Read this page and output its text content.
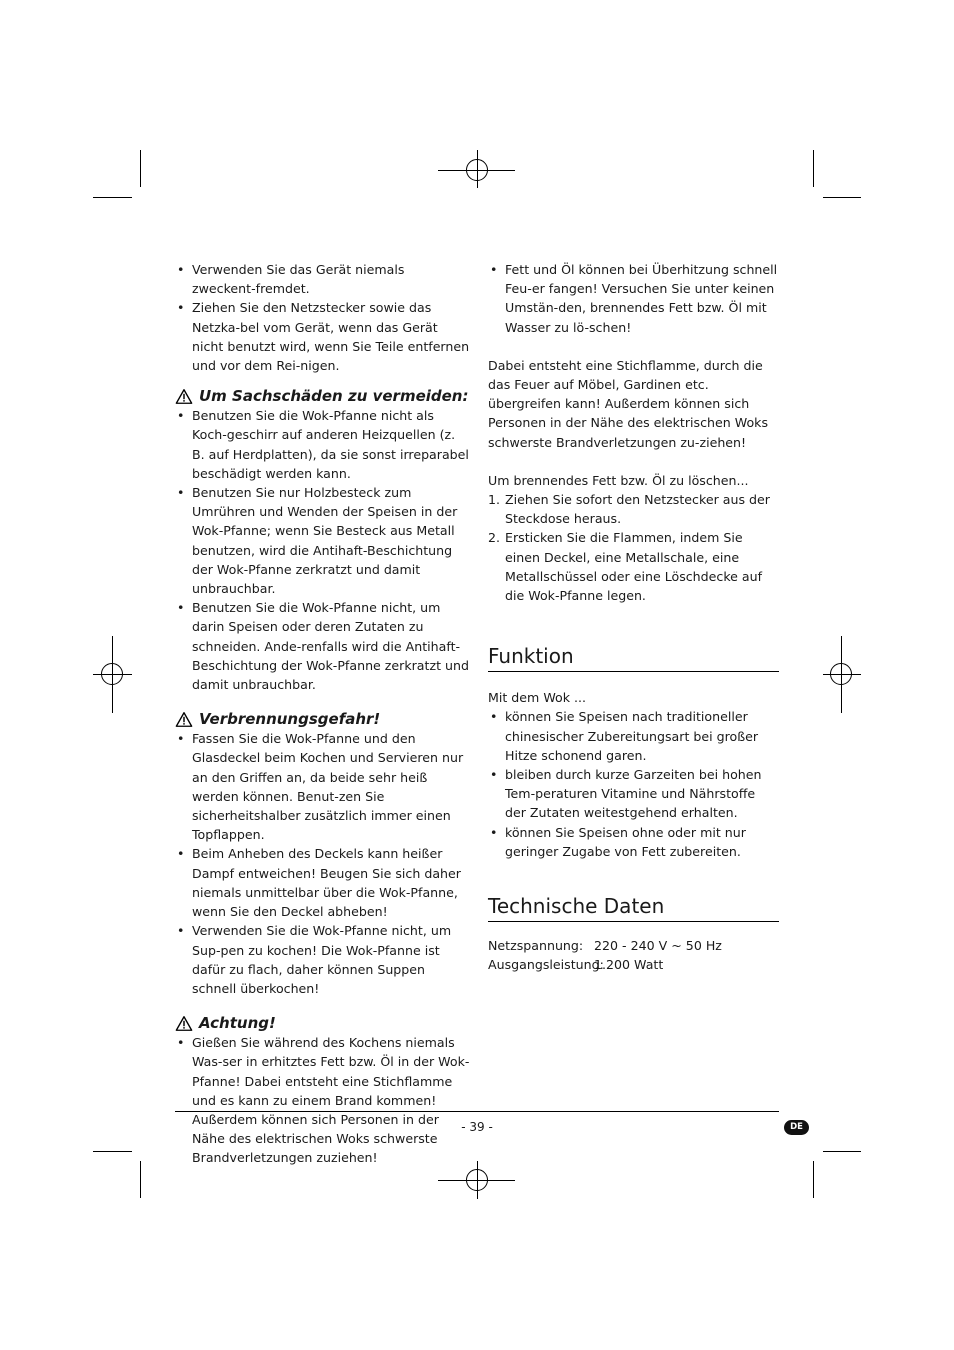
• Verwenden Sie das Gerät niemals zweckent-fremdet.
• Ziehen Sie den Netzstecker sowie das Netzka-bel vom Gerät, wenn das Gerät nicht benutzt wird, wenn Sie Teile entfernen und vor dem Rei-nigen.
Um Sachschäden zu vermeiden:
• Benutzen Sie die Wok-Pfanne nicht als Koch-geschirr auf anderen Heizquellen (z. B. auf Herdplatten), da sie sonst irreparabel beschädigt werden kann.
• Benutzen Sie nur Holzbesteck zum Umrühren und Wenden der Speisen in der Wok-Pfanne; wenn Sie Besteck aus Metall benutzen, wird die Antihaft-Beschichtung der Wok-Pfanne zerkratzt und damit unbrauchbar.
• Benutzen Sie die Wok-Pfanne nicht, um darin Speisen oder deren Zutaten zu schneiden. Ande-renfalls wird die Antihaft-Beschichtung der Wok-Pfanne zerkratzt und damit unbrauchbar.
Verbrennungsgefahr!
• Fassen Sie die Wok-Pfanne und den Glasdeckel beim Kochen und Servieren nur an den Griffen an, da beide sehr heiß werden können. Benut-zen Sie sicherheitshalber zusätzlich immer einen Topflappen.
• Beim Anheben des Deckels kann heißer Dampf entweichen! Beugen Sie sich daher niemals unmittelbar über die Wok-Pfanne, wenn Sie den Deckel abheben!
• Verwenden Sie die Wok-Pfanne nicht, um Sup-pen zu kochen! Die Wok-Pfanne ist dafür zu flach, daher können Suppen schnell überkochen!
Achtung!
• Gießen Sie während des Kochens niemals Was-ser in erhitztes Fett bzw. Öl in der Wok-Pfanne! Dabei entsteht eine Stichflamme und es kann zu einem Brand kommen! Außerdem können sich Personen in der Nähe des elektrischen Woks schwerste Brandverletzungen zuziehen!
• Fett und Öl können bei Überhitzung schnell Feu-er fangen! Versuchen Sie unter keinen Umstän-den, brennendes Fett bzw. Öl mit Wasser zu lö-schen!

Dabei entsteht eine Stichflamme, durch die das Feuer auf Möbel, Gardinen etc. übergreifen kann! Außerdem können sich Personen in der Nähe des elektrischen Woks schwerste Brandverletzungen zu-ziehen!

Um brennendes Fett bzw. Öl zu löschen...

1. Ziehen Sie sofort den Netzstecker aus der Steckdose heraus.
2. Ersticken Sie die Flammen, indem Sie einen Deckel, eine Metallschale, eine Metallschüssel oder eine Löschdecke auf die Wok-Pfanne legen.
Funktion

Mit dem Wok ...

• können Sie Speisen nach traditioneller chinesischer Zubereitungsart bei großer Hitze schonend garen.
• bleiben durch kurze Garzeiten bei hohen Tem-peraturen Vitamine und Nährstoffe der Zutaten weitestgehend erhalten.
• können Sie Speisen ohne oder mit nur geringer Zugabe von Fett zubereiten.
Technische Daten
Netzspannung: 220 - 240 V ~ 50 Hz
Ausgangsleistung:
1.200 Watt
- 39 -	DE
